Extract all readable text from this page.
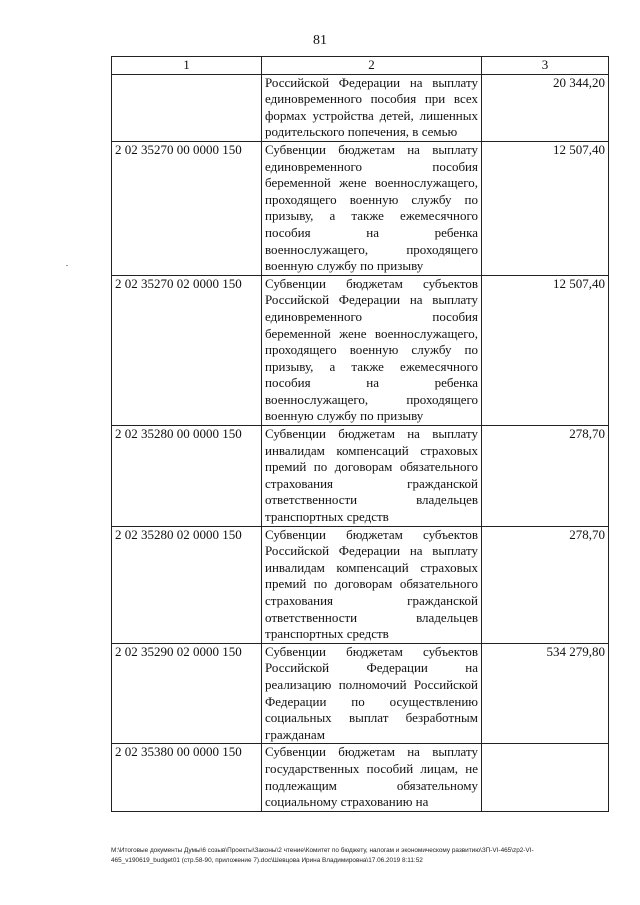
81
1	2	3
	Российской Федерации на выплату единовременного пособия при всех формах устройства детей, лишенных родительского попечения, в семью	20 344,20
2 02 35270 00 0000 150	Субвенции бюджетам на выплату единовременного пособия беременной жене военнослужащего, проходящего военную службу по призыву, а также ежемесячного пособия на ребенка военнослужащего, проходящего военную службу по призыву	12 507,40
2 02 35270 02 0000 150	Субвенции бюджетам субъектов Российской Федерации на выплату единовременного пособия беременной жене военнослужащего, проходящего военную службу по призыву, а также ежемесячного пособия на ребенка военнослужащего, проходящего военную службу по призыву	12 507,40
2 02 35280 00 0000 150	Субвенции бюджетам на выплату инвалидам компенсаций страховых премий по договорам обязательного страхования гражданской ответственности владельцев транспортных средств	278,70
2 02 35280 02 0000 150	Субвенции бюджетам субъектов Российской Федерации на выплату инвалидам компенсаций страховых премий по договорам обязательного страхования гражданской ответственности владельцев транспортных средств	278,70
2 02 35290 02 0000 150	Субвенции бюджетам субъектов Российской Федерации на реализацию полномочий Российской Федерации по осуществлению социальных выплат безработным гражданам	534 279,80
2 02 35380 00 0000 150	Субвенции бюджетам на выплату государственных пособий лицам, не подлежащим обязательному социальному страхованию на	
M:\Итоговые документы Думы\6 созыв\Проекты\Законы\2 чтение\Комитет по бюджету, налогам и экономическому развитию\ЗП-VI-465\zp2-VI-
465_v190619_budget01 (стр.58-90, приложение 7).doc\Шевцова Ирина Владимировна\17.06.2019 8:11:52
